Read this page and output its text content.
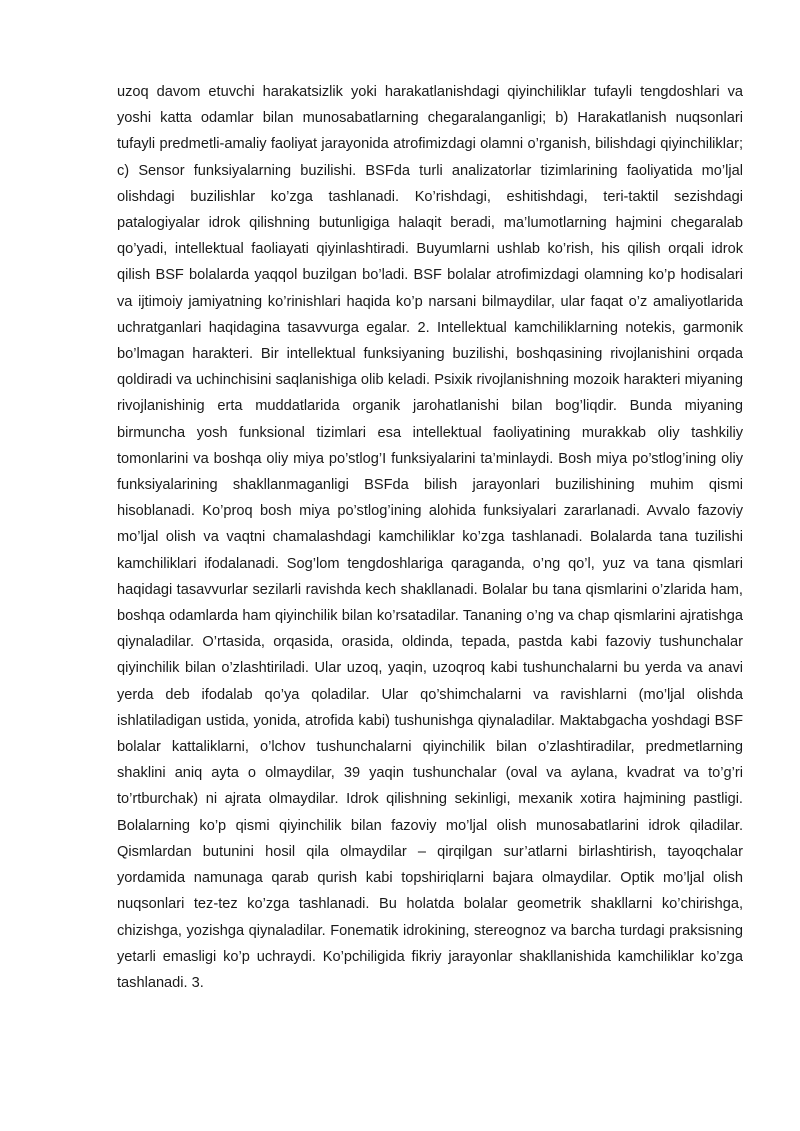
uzoq davom etuvchi harakatsizlik yoki harakatlanishdagi qiyinchiliklar tufayli tengdoshlari va yoshi katta odamlar bilan munosabatlarning chegaralanganligi; b) Harakatlanish nuqsonlari tufayli predmetli-amaliy faoliyat jarayonida atrofimizdagi olamni o’rganish, bilishdagi qiyinchiliklar; c) Sensor funksiyalarning buzilishi. BSFda turli analizatorlar tizimlarining faoliyatida mo’ljal olishdagi buzilishlar ko’zga tashlanadi. Ko’rishdagi, eshitishdagi, teri-taktil sezishdagi patalogiyalar idrok qilishning butunligiga halaqit beradi, ma’lumotlarning hajmini chegaralab qo’yadi, intellektual faoliayati qiyinlashtiradi. Buyumlarni ushlab ko’rish, his qilish orqali idrok qilish BSF bolalarda yaqqol buzilgan bo’ladi. BSF bolalar atrofimizdagi olamning ko’p hodisalari va ijtimoiy jamiyatning ko’rinishlari haqida ko’p narsani bilmaydilar, ular faqat o’z amaliyotlarida uchratganlari haqidagina tasavvurga egalar. 2. Intellektual kamchiliklarning notekis, garmonik bo’lmagan harakteri. Bir intellektual funksiyaning buzilishi, boshqasining rivojlanishini orqada qoldiradi va uchinchisini saqlanishiga olib keladi. Psixik rivojlanishning mozoik harakteri miyaning rivojlanishinig erta muddatlarida organik jarohatlanishi bilan bog’liqdir. Bunda miyaning birmuncha yosh funksional tizimlari esa intellektual faoliyatining murakkab oliy tashkiliy tomonlarini va boshqa oliy miya po’stlog’I funksiyalarini ta’minlaydi. Bosh miya po’stlog’ining oliy funksiyalarining shakllanmaganligi BSFda bilish jarayonlari buzilishining muhim qismi hisoblanadi. Ko’proq bosh miya po’stlog’ining alohida funksiyalari zararlanadi. Avvalo fazoviy mo’ljal olish va vaqtni chamalashdagi kamchiliklar ko’zga tashlanadi. Bolalarda tana tuzilishi kamchiliklari ifodalanadi. Sog’lom tengdoshlariga qaraganda, o’ng qo’l, yuz va tana qismlari haqidagi tasavvurlar sezilarli ravishda kech shakllanadi. Bolalar bu tana qismlarini o’zlarida ham, boshqa odamlarda ham qiyinchilik bilan ko’rsatadilar. Tananing o’ng va chap qismlarini ajratishga qiynaladilar. O’rtasida, orqasida, orasida, oldinda, tepada, pastda kabi fazoviy tushunchalar qiyinchilik bilan o’zlashtiriladi. Ular uzoq, yaqin, uzoqroq kabi tushunchalarni bu yerda va anavi yerda deb ifodalab qo’ya qoladilar. Ular qo’shimchalarni va ravishlarni (mo’ljal olishda ishlatiladigan ustida, yonida, atrofida kabi) tushunishga qiynaladilar. Maktabgacha yoshdagi BSF bolalar kattaliklarni, o’lchov tushunchalarni qiyinchilik bilan o’zlashtiradilar, predmetlarning shaklini aniq ayta o olmaydilar, 39 yaqin tushunchalar (oval va aylana, kvadrat va to’g’ri to’rtburchak) ni ajrata olmaydilar. Idrok qilishning sekinligi, mexanik xotira hajmining pastligi. Bolalarning ko’p qismi qiyinchilik bilan fazoviy mo’ljal olish munosabatlarini idrok qiladilar. Qismlardan butunini hosil qila olmaydilar – qirqilgan sur’atlarni birlashtirish, tayoqchalar yordamida namunaga qarab qurish kabi topshiriqlarni bajara olmaydilar. Optik mo’ljal olish nuqsonlari tez-tez ko’zga tashlanadi. Bu holatda bolalar geometrik shakllarni ko’chirishga, chizishga, yozishga qiynaladilar. Fonematik idrokining, stereognoz va barcha turdagi praksisning yetarli emasligi ko’p uchraydi. Ko’pchiligida fikriy jarayonlar shakllanishida kamchiliklar ko’zga tashlanadi. 3.
